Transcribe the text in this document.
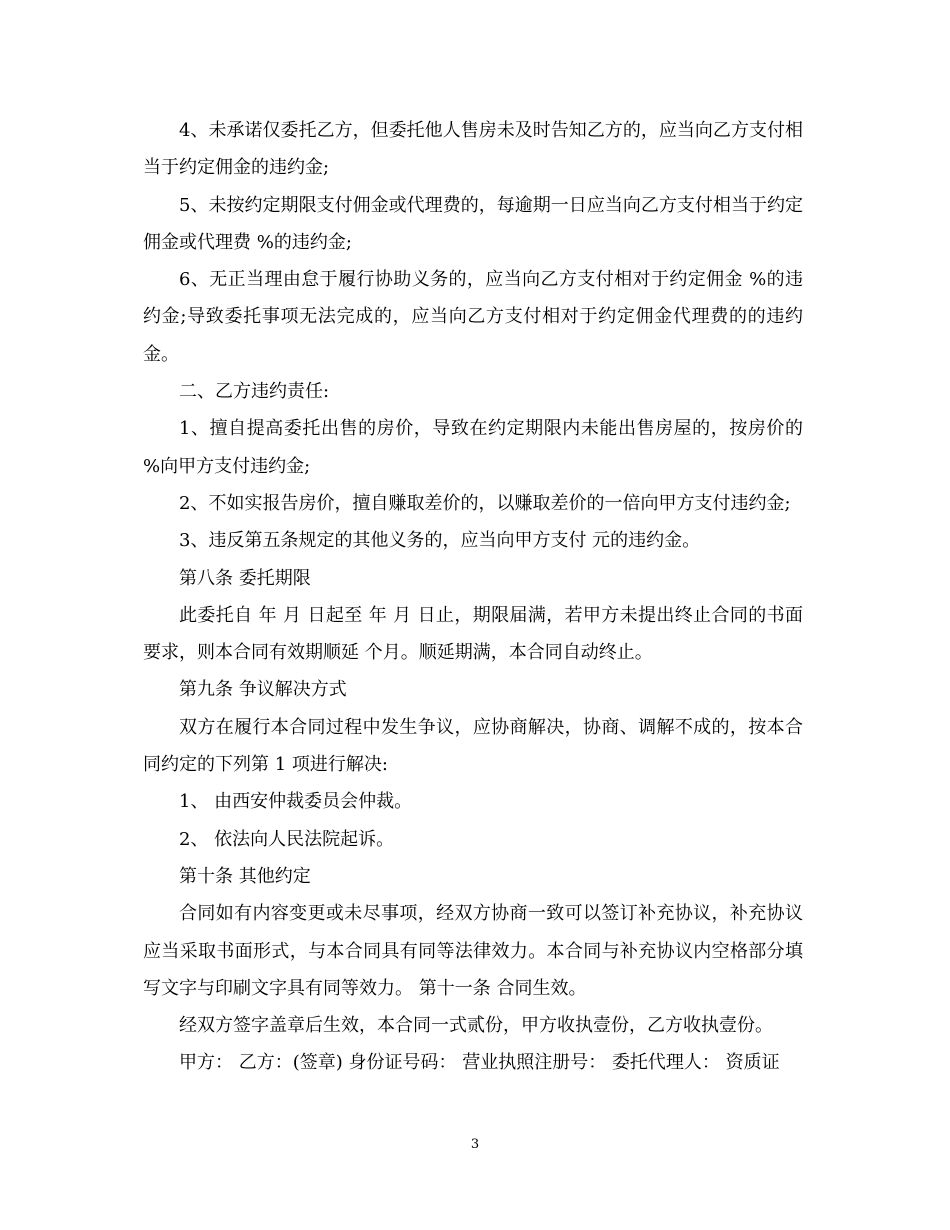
4、未承诺仅委托乙方，但委托他人售房未及时告知乙方的，应当向乙方支付相当于约定佣金的违约金;

5、未按约定期限支付佣金或代理费的，每逾期一日应当向乙方支付相当于约定佣金或代理费 %的违约金;

6、无正当理由怠于履行协助义务的，应当向乙方支付相对于约定佣金 %的违约金;导致委托事项无法完成的，应当向乙方支付相对于约定佣金代理费的的违约金。

二、乙方违约责任:

1、擅自提高委托出售的房价，导致在约定期限内未能出售房屋的，按房价的 %向甲方支付违约金;

2、不如实报告房价，擅自赚取差价的，以赚取差价的一倍向甲方支付违约金;

3、违反第五条规定的其他义务的，应当向甲方支付 元的违约金。

第八条 委托期限

此委托自 年 月 日起至 年 月 日止，期限届满，若甲方未提出终止合同的书面要求，则本合同有效期顺延 个月。顺延期满，本合同自动终止。

第九条 争议解决方式

双方在履行本合同过程中发生争议，应协商解决，协商、调解不成的，按本合同约定的下列第 1 项进行解决:

1、 由西安仲裁委员会仲裁。

2、 依法向人民法院起诉。

第十条 其他约定

合同如有内容变更或未尽事项，经双方协商一致可以签订补充协议，补充协议应当采取书面形式，与本合同具有同等法律效力。本合同与补充协议内空格部分填写文字与印刷文字具有同等效力。 第十一条 合同生效。

经双方签字盖章后生效，本合同一式贰份，甲方收执壹份，乙方收执壹份。

甲方： 乙方：(签章) 身份证号码： 营业执照注册号： 委托代理人： 资质证

3
